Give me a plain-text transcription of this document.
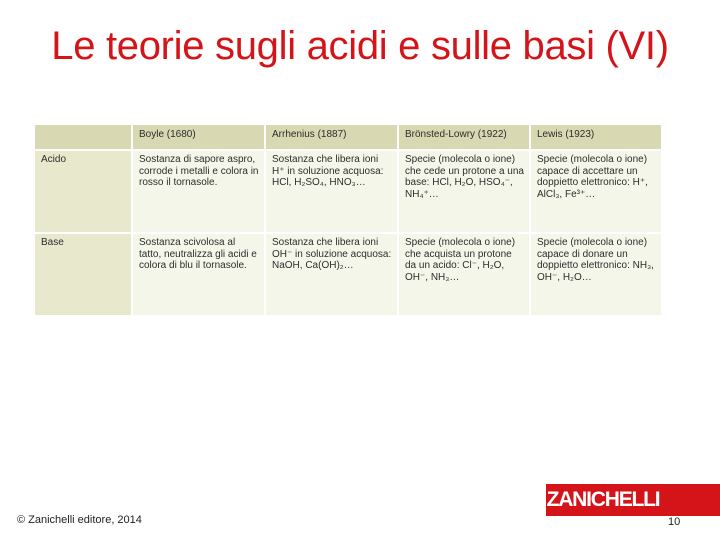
Le teorie sugli acidi e sulle basi (VI)
	Boyle (1680)	Arrhenius (1887)	Brönsted-Lowry (1922)	Lewis (1923)
Acido	Sostanza di sapore aspro, corrode i metalli e colora in rosso il tornasole.	Sostanza che libera ioni H⁺ in soluzione acquosa: HCl, H₂SO₄, HNO₃…	Specie (molecola o ione) che cede un protone a una base: HCl, H₂O, HSO₄⁻, NH₄⁺…	Specie (molecola o ione) capace di accettare un doppietto elettronico: H⁺, AlCl₃, Fe³⁺…
Base	Sostanza scivolosa al tatto, neutralizza gli acidi e colora di blu il tornasole.	Sostanza che libera ioni OH⁻ in soluzione acquosa: NaOH, Ca(OH)₂…	Specie (molecola o ione) che acquista un protone da un acido: Cl⁻, H₂O, OH⁻, NH₃…	Specie (molecola o ione) capace di donare un doppietto elettronico: NH₃, OH⁻, H₂O…
© Zanichelli editore, 2014
ZANICHELLI
10
